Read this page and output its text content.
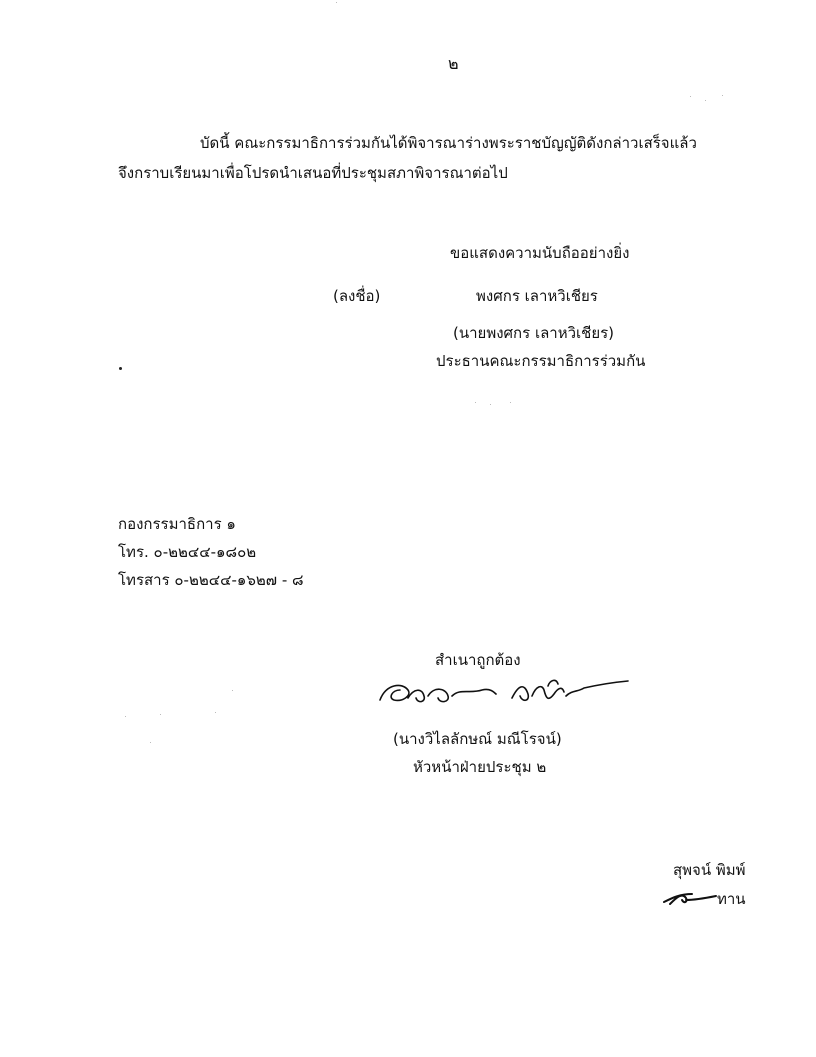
๒
บัดนี้ คณะกรรมาธิการร่วมกันได้พิจารณาร่างพระราชบัญญัติดังกล่าวเสร็จแล้ว
จึงกราบเรียนมาเพื่อโปรดนำเสนอที่ประชุมสภาพิจารณาต่อไป
ขอแสดงความนับถืออย่างยิ่ง
(ลงชื่อ)	พงศกร เลาหวิเชียร
(นายพงศกร เลาหวิเชียร)
ประธานคณะกรรมาธิการร่วมกัน
กองกรรมาธิการ ๑
โทร. ๐-๒๒๔๔-๑๘๐๒
โทรสาร ๐-๒๒๔๔-๑๖๒๗ - ๘
สำเนาถูกต้อง
(นางวิไลลักษณ์ มณีโรจน์)
หัวหน้าฝ่ายประชุม ๒
สุพจน์ พิมพ์
ทาน
